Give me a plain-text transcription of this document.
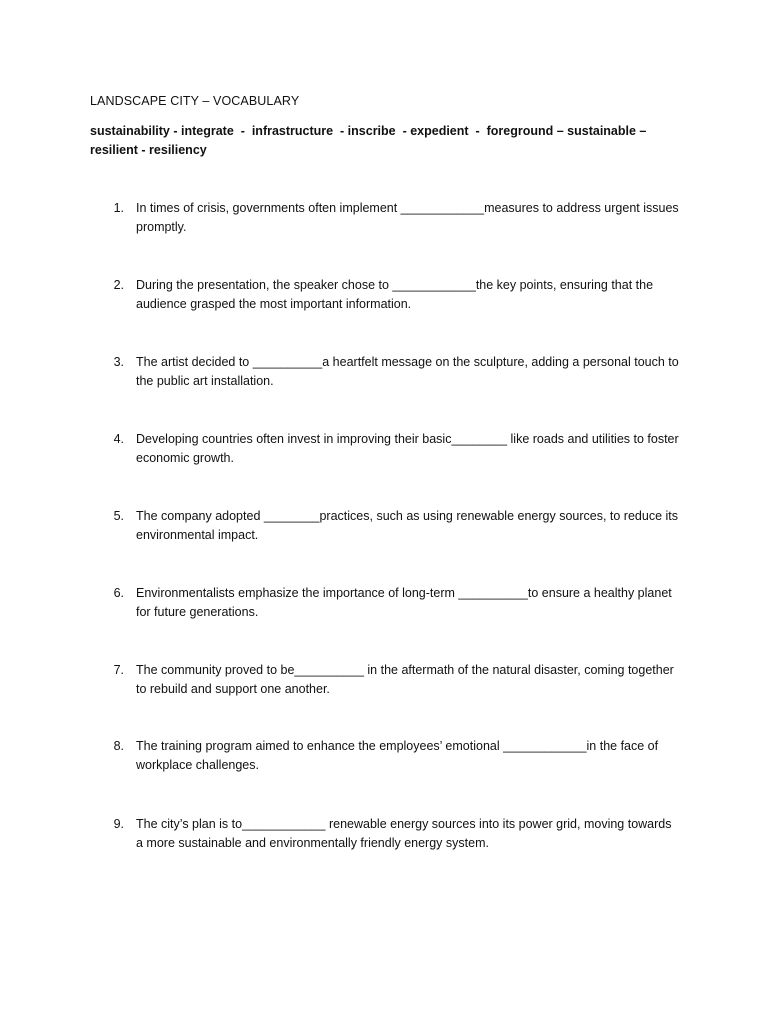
LANDSCAPE CITY – VOCABULARY
sustainability - integrate  -  infrastructure  - inscribe  - expedient  -  foreground – sustainable – resilient - resiliency
1. In times of crisis, governments often implement ____________measures to address urgent issues promptly.
2. During the presentation, the speaker chose to ____________the key points, ensuring that the audience grasped the most important information.
3. The artist decided to __________a heartfelt message on the sculpture, adding a personal touch to the public art installation.
4. Developing countries often invest in improving their basic________ like roads and utilities to foster economic growth.
5. The company adopted ________practices, such as using renewable energy sources, to reduce its environmental impact.
6. Environmentalists emphasize the importance of long-term __________to ensure a healthy planet for future generations.
7. The community proved to be__________ in the aftermath of the natural disaster, coming together to rebuild and support one another.
8. The training program aimed to enhance the employees’ emotional ____________in the face of workplace challenges.
9. The city’s plan is to____________ renewable energy sources into its power grid, moving towards a more sustainable and environmentally friendly energy system.
